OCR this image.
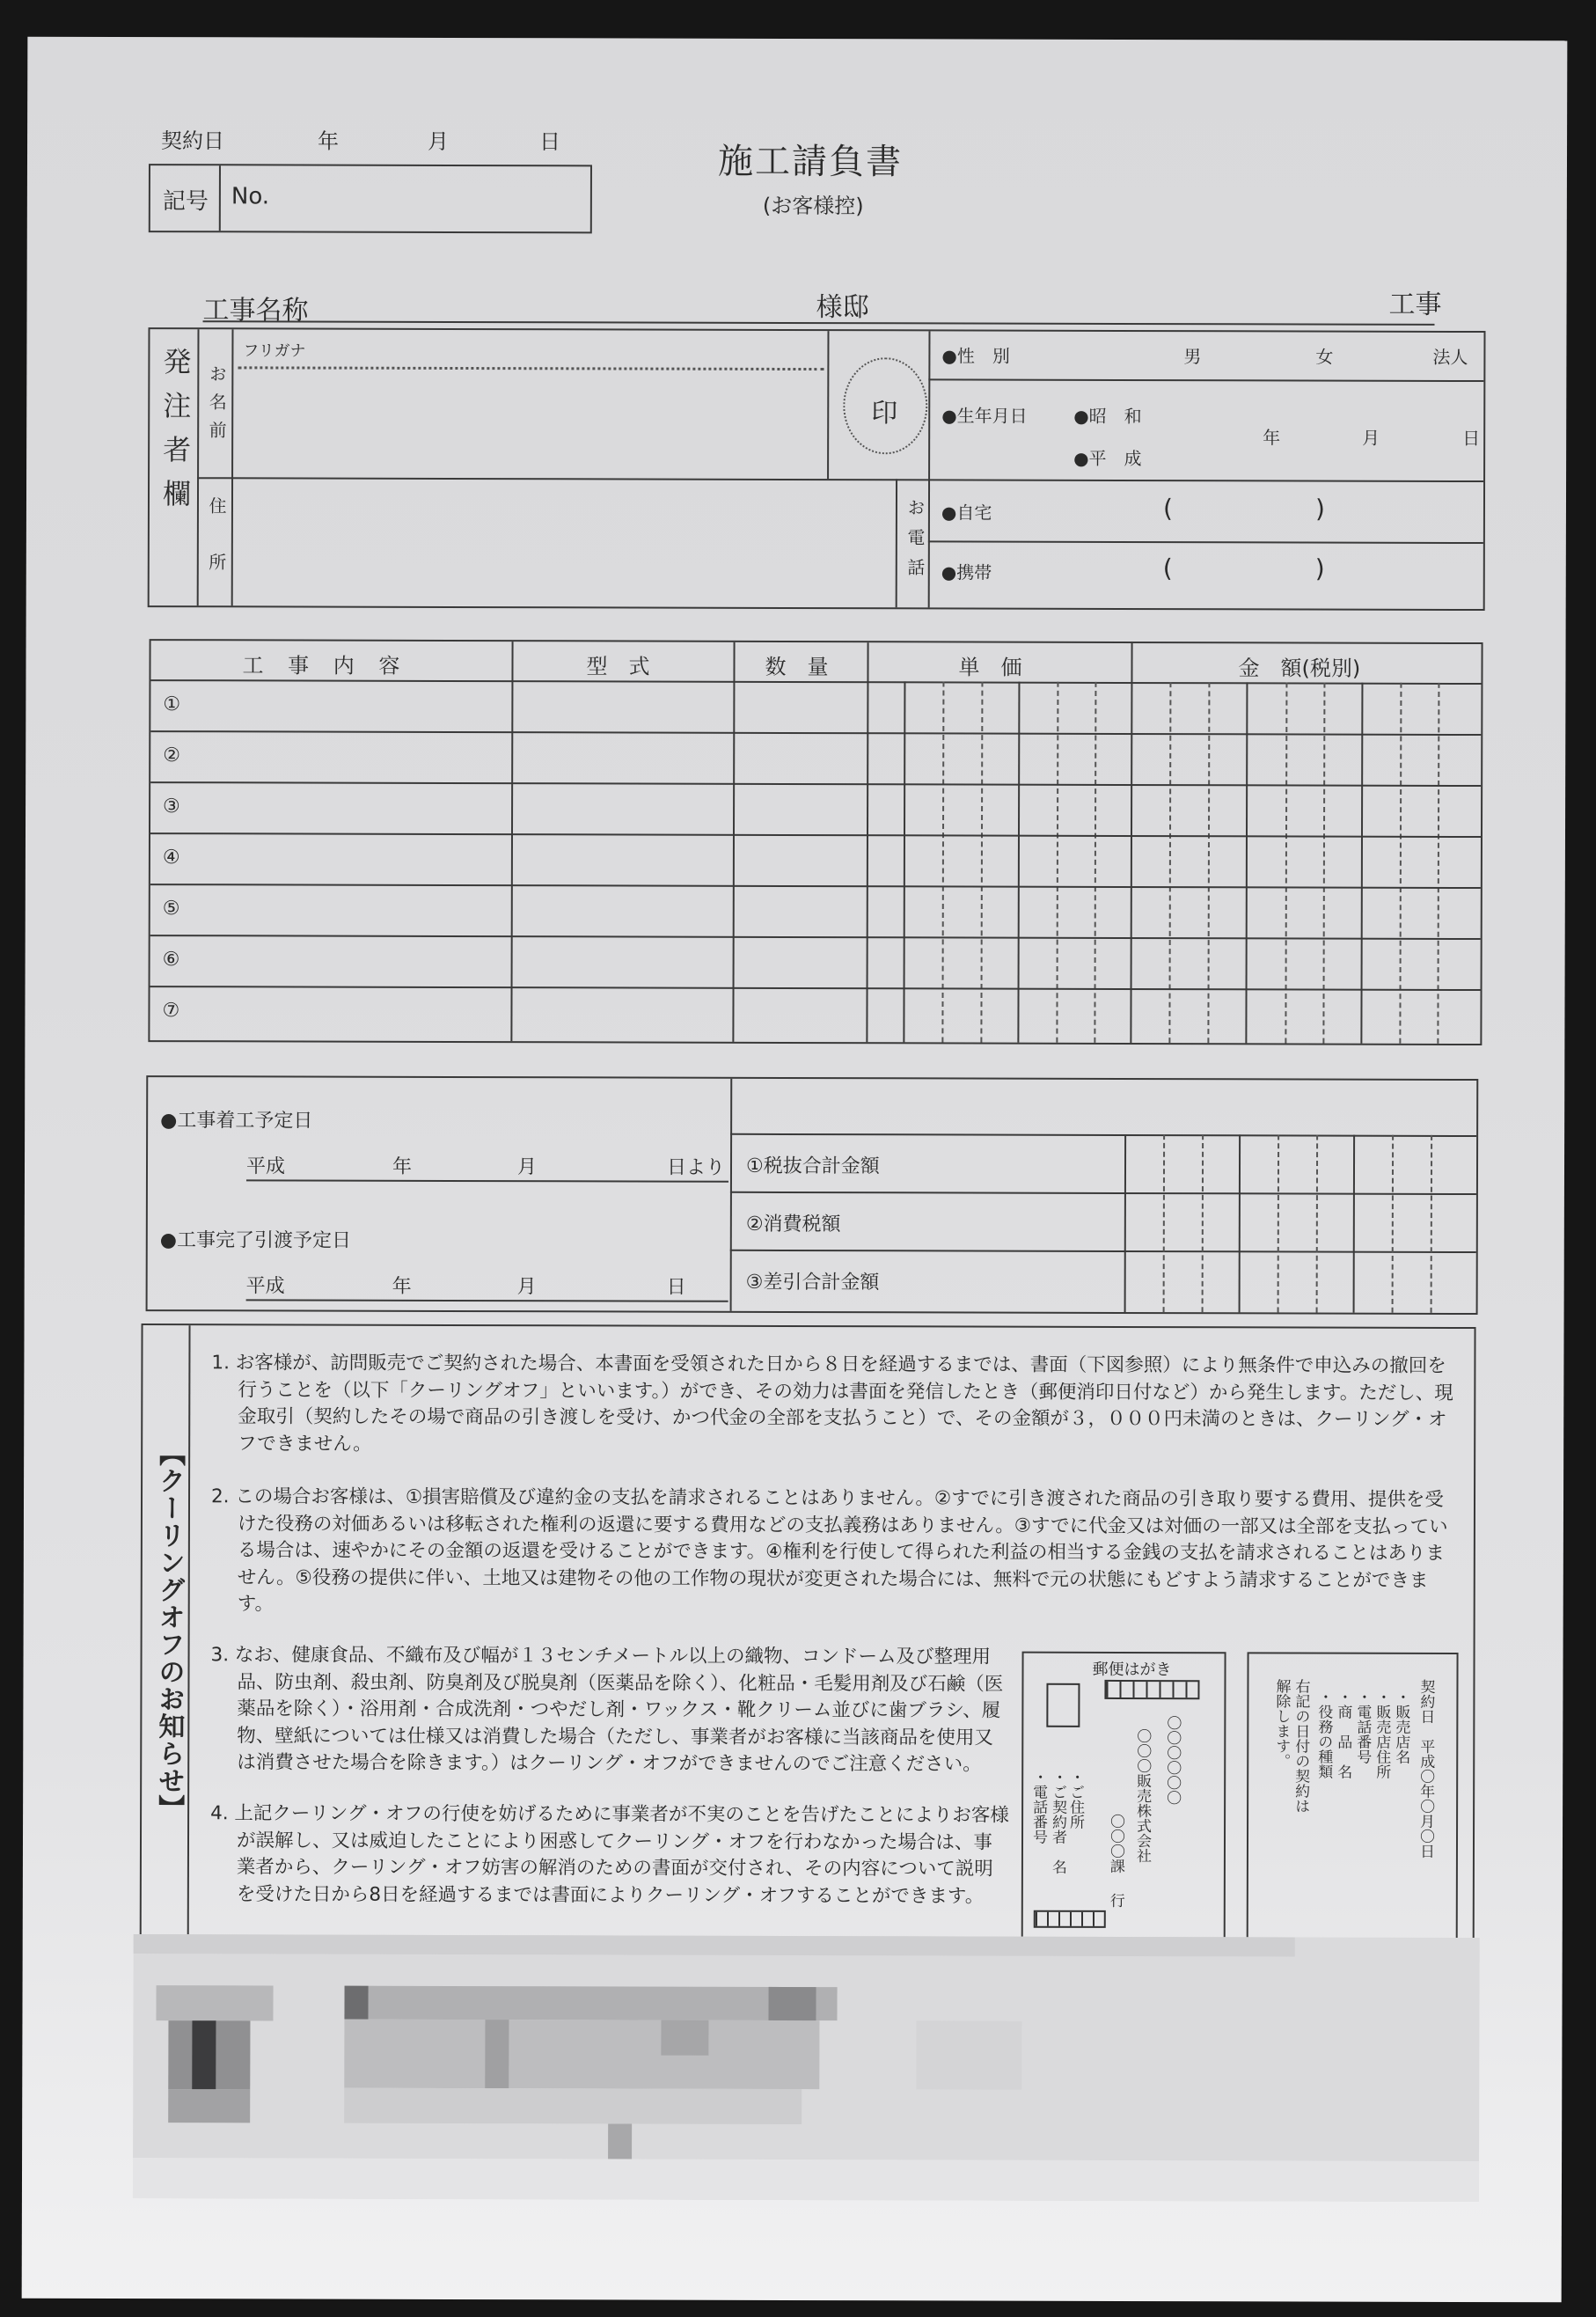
契約日	年	月	日
記号 No.
施工請負書
(お客様控)
工事名称	様邸	工事
発注者欄 お名前
フリガナ
印
住所	お電話
●性　別	男	女	法人
●生年月日	●昭　和
●平　成
年	月	日
●自宅	(	)
●携帯	(	)
工 事 内 容	型　式	数　量	単　価	金　額(税別)
①
②
③
④
⑤
⑥
⑦
●工事着工予定日
平成	年	月	日より
●工事完了引渡予定日
平成	年	月	日
①税抜合計金額
②消費税額
③差引合計金額
【クーリングオフのお知らせ】

1. お客様が、訪問販売でご契約された場合、本書面を受領された日から８日を経過するまでは、書面（下図参照）により無条件で申込みの撤回を行うことを（以下「クーリングオフ」といいます。）ができ、その効力は書面を発信したとき（郵便消印日付など）から発生します。ただし、現金取引（契約したその場で商品の引き渡しを受け、かつ代金の全部を支払うこと）で、その金額が３，０００円未満のときは、クーリング・オフできません。

2. この場合お客様は、①損害賠償及び違約金の支払を請求されることはありません。②すでに引き渡された商品の引き取り要する費用、提供を受けた役務の対価あるいは移転された権利の返還に要する費用などの支払義務はありません。③すでに代金又は対価の一部又は全部を支払っている場合は、速やかにその金額の返還を受けることができます。④権利を行使して得られた利益の相当する金銭の支払を請求されることはありません。⑤役務の提供に伴い、土地又は建物その他の工作物の現状が変更された場合には、無料で元の状態にもどすよう請求することができます。

3. なお、健康食品、不織布及び幅が１３センチメートル以上の織物、コンドーム及び整理用品、防虫剤、殺虫剤、防臭剤及び脱臭剤（医薬品を除く）、化粧品・毛髪用剤及び石鹸（医薬品を除く）・浴用剤・合成洗剤・つやだし剤・ワックス・靴クリーム並びに歯ブラシ、履物、壁紙については仕様又は消費した場合（ただし、事業者がお客様に当該商品を使用又は消費させた場合を除きます。）はクーリング・オフができませんのでご注意ください。

4. 上記クーリング・オフの行使を妨げるために事業者が不実のことを告げたことによりお客様が誤解し、又は威迫したことにより困惑してクーリング・オフを行わなかった場合は、事業者から、クーリング・オフ妨害の解消のための書面が交付され、その内容について説明を受けた日から8日を経過するまでは書面によりクーリング・オフすることができます。

郵便はがき
〇〇〇〇〇〇
〇〇〇販売株式会社
〇〇〇課
行
・ご住所
・ご契約者　名
・電話番号	契約日　平成〇年〇月〇日
・販売店名
・販売店住所
・電話番号
・商　品　名
・役務の種類
右記の日付の契約は
解除します。
